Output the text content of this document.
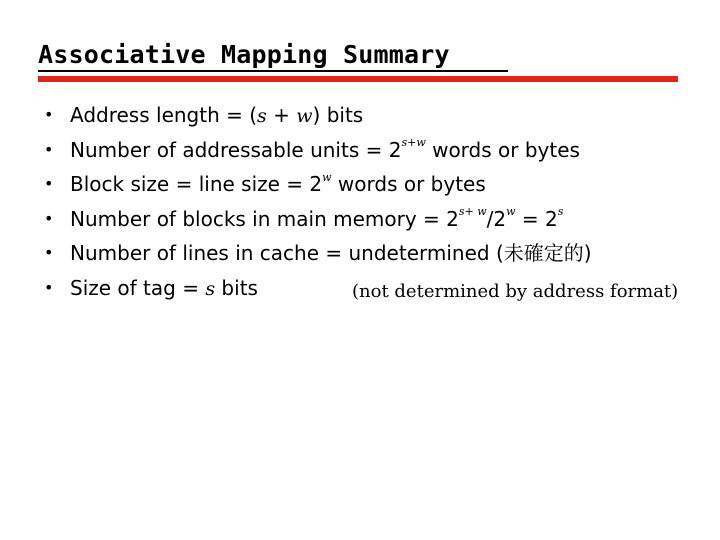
Associative Mapping Summary
• Address length = (s + w) bits
• Number of addressable units = $2^{s+w}$ words or bytes
• Block size = line size = $2^w$ words or bytes
• Number of blocks in main memory = $2^{s+ w}/2^w = 2^s$
• Number of lines in cache = undetermined (未確定的)
• Size of tag = s bits	(not determined by address format)
